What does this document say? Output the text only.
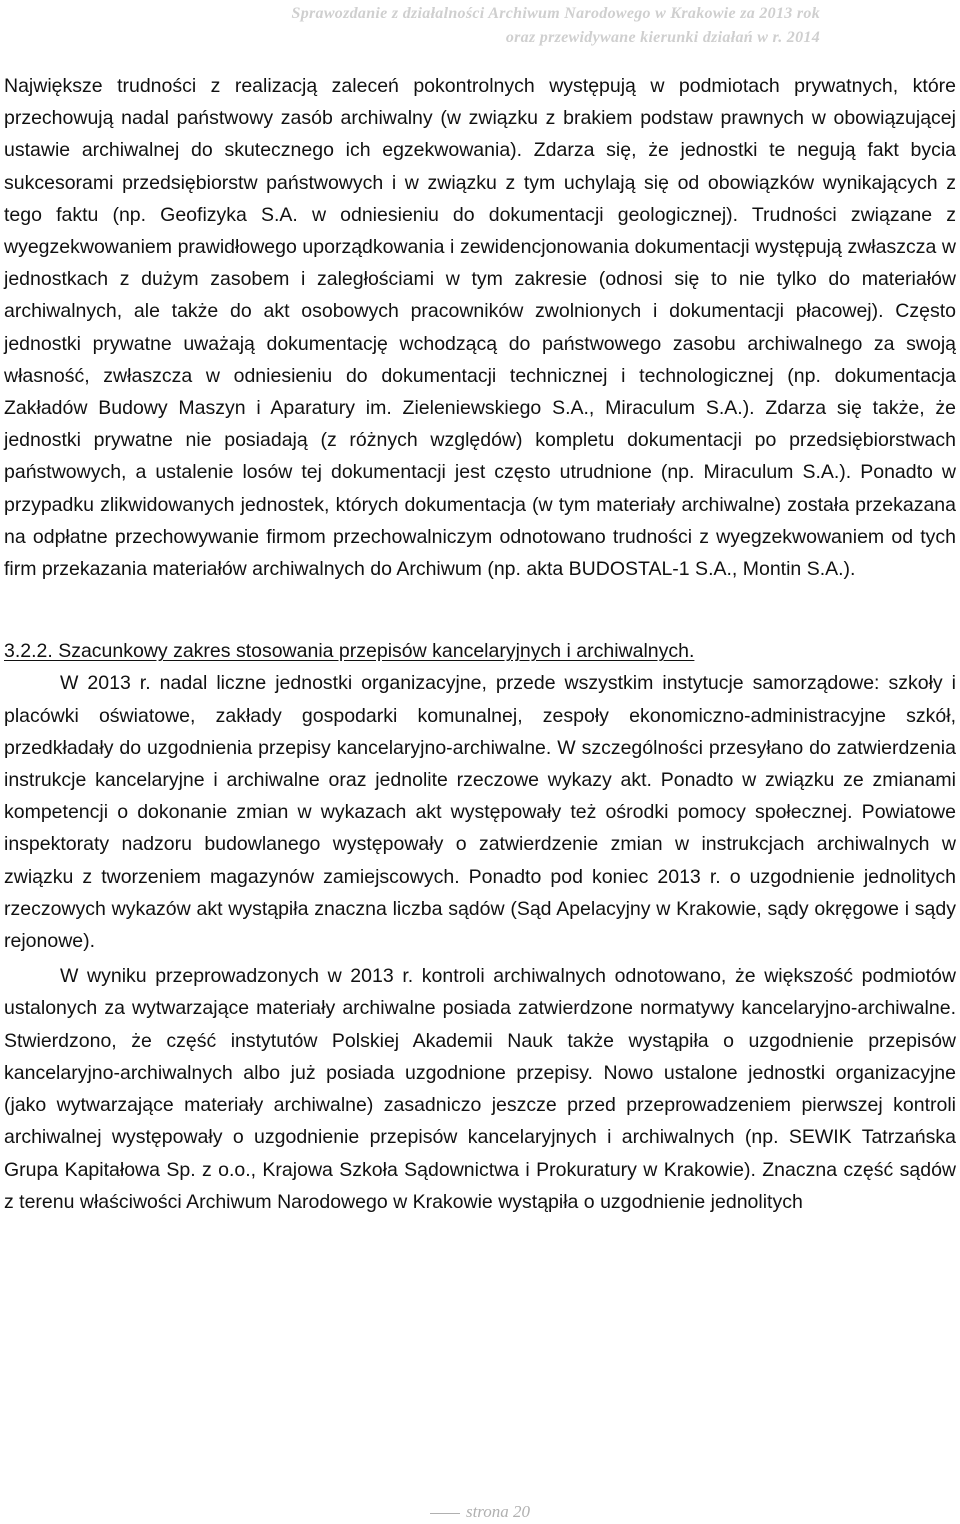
Sprawozdanie z działalności Archiwum Narodowego w Krakowie za 2013 rok
oraz przewidywane kierunki działań w r. 2014

Największe trudności z realizacją zaleceń pokontrolnych występują w podmiotach prywatnych, które przechowują nadal państwowy zasób archiwalny (w związku z brakiem podstaw prawnych w obowiązującej ustawie archiwalnej do skutecznego ich egzekwowania). Zdarza się, że jednostki te negują fakt bycia sukcesorami przedsiębiorstw państwowych i w związku z tym uchylają się od obowiązków wynikających z tego faktu (np. Geofizyka S.A. w odniesieniu do dokumentacji geologicznej). Trudności związane z wyegzekwowaniem prawidłowego uporządkowania i zewidencjonowania dokumentacji występują zwłaszcza w jednostkach z dużym zasobem i zaległościami w tym zakresie (odnosi się to nie tylko do materiałów archiwalnych, ale także do akt osobowych pracowników zwolnionych i dokumentacji płacowej). Często jednostki prywatne uważają dokumentację wchodzącą do państwowego zasobu archiwalnego za swoją własność, zwłaszcza w odniesieniu do dokumentacji technicznej i technologicznej (np. dokumentacja Zakładów Budowy Maszyn i Aparatury im. Zieleniewskiego S.A., Miraculum S.A.). Zdarza się także, że jednostki prywatne nie posiadają (z różnych względów) kompletu dokumentacji po przedsiębiorstwach państwowych, a ustalenie losów tej dokumentacji jest często utrudnione (np. Miraculum S.A.). Ponadto w przypadku zlikwidowanych jednostek, których dokumentacja (w tym materiały archiwalne) została przekazana na odpłatne przechowywanie firmom przechowalniczym odnotowano trudności z wyegzekwowaniem od tych firm przekazania materiałów archiwalnych do Archiwum (np. akta BUDOSTAL-1 S.A., Montin S.A.).

3.2.2. Szacunkowy zakres stosowania przepisów kancelaryjnych i archiwalnych.

W 2013 r. nadal liczne jednostki organizacyjne, przede wszystkim instytucje samorządowe: szkoły i placówki oświatowe, zakłady gospodarki komunalnej, zespoły ekonomiczno-administracyjne szkół, przedkładały do uzgodnienia przepisy kancelaryjno-archiwalne. W szczególności przesyłano do zatwierdzenia instrukcje kancelaryjne i archiwalne oraz jednolite rzeczowe wykazy akt. Ponadto w związku ze zmianami kompetencji o dokonanie zmian w wykazach akt występowały też ośrodki pomocy społecznej. Powiatowe inspektoraty nadzoru budowlanego występowały o zatwierdzenie zmian w instrukcjach archiwalnych w związku z tworzeniem magazynów zamiejscowych. Ponadto pod koniec 2013 r. o uzgodnienie jednolitych rzeczowych wykazów akt wystąpiła znaczna liczba sądów (Sąd Apelacyjny w Krakowie, sądy okręgowe i sądy rejonowe).

W wyniku przeprowadzonych w 2013 r. kontroli archiwalnych odnotowano, że większość podmiotów ustalonych za wytwarzające materiały archiwalne posiada zatwierdzone normatywy kancelaryjno-archiwalne. Stwierdzono, że część instytutów Polskiej Akademii Nauk także wystąpiła o uzgodnienie przepisów kancelaryjno-archiwalnych albo już posiada uzgodnione przepisy. Nowo ustalone jednostki organizacyjne (jako wytwarzające materiały archiwalne) zasadniczo jeszcze przed przeprowadzeniem pierwszej kontroli archiwalnej występowały o uzgodnienie przepisów kancelaryjnych i archiwalnych (np. SEWIK Tatrzańska Grupa Kapitałowa Sp. z o.o., Krajowa Szkoła Sądownictwa i Prokuratury w Krakowie). Znaczna część sądów z terenu właściwości Archiwum Narodowego w Krakowie wystąpiła o uzgodnienie jednolitych

strona 20
